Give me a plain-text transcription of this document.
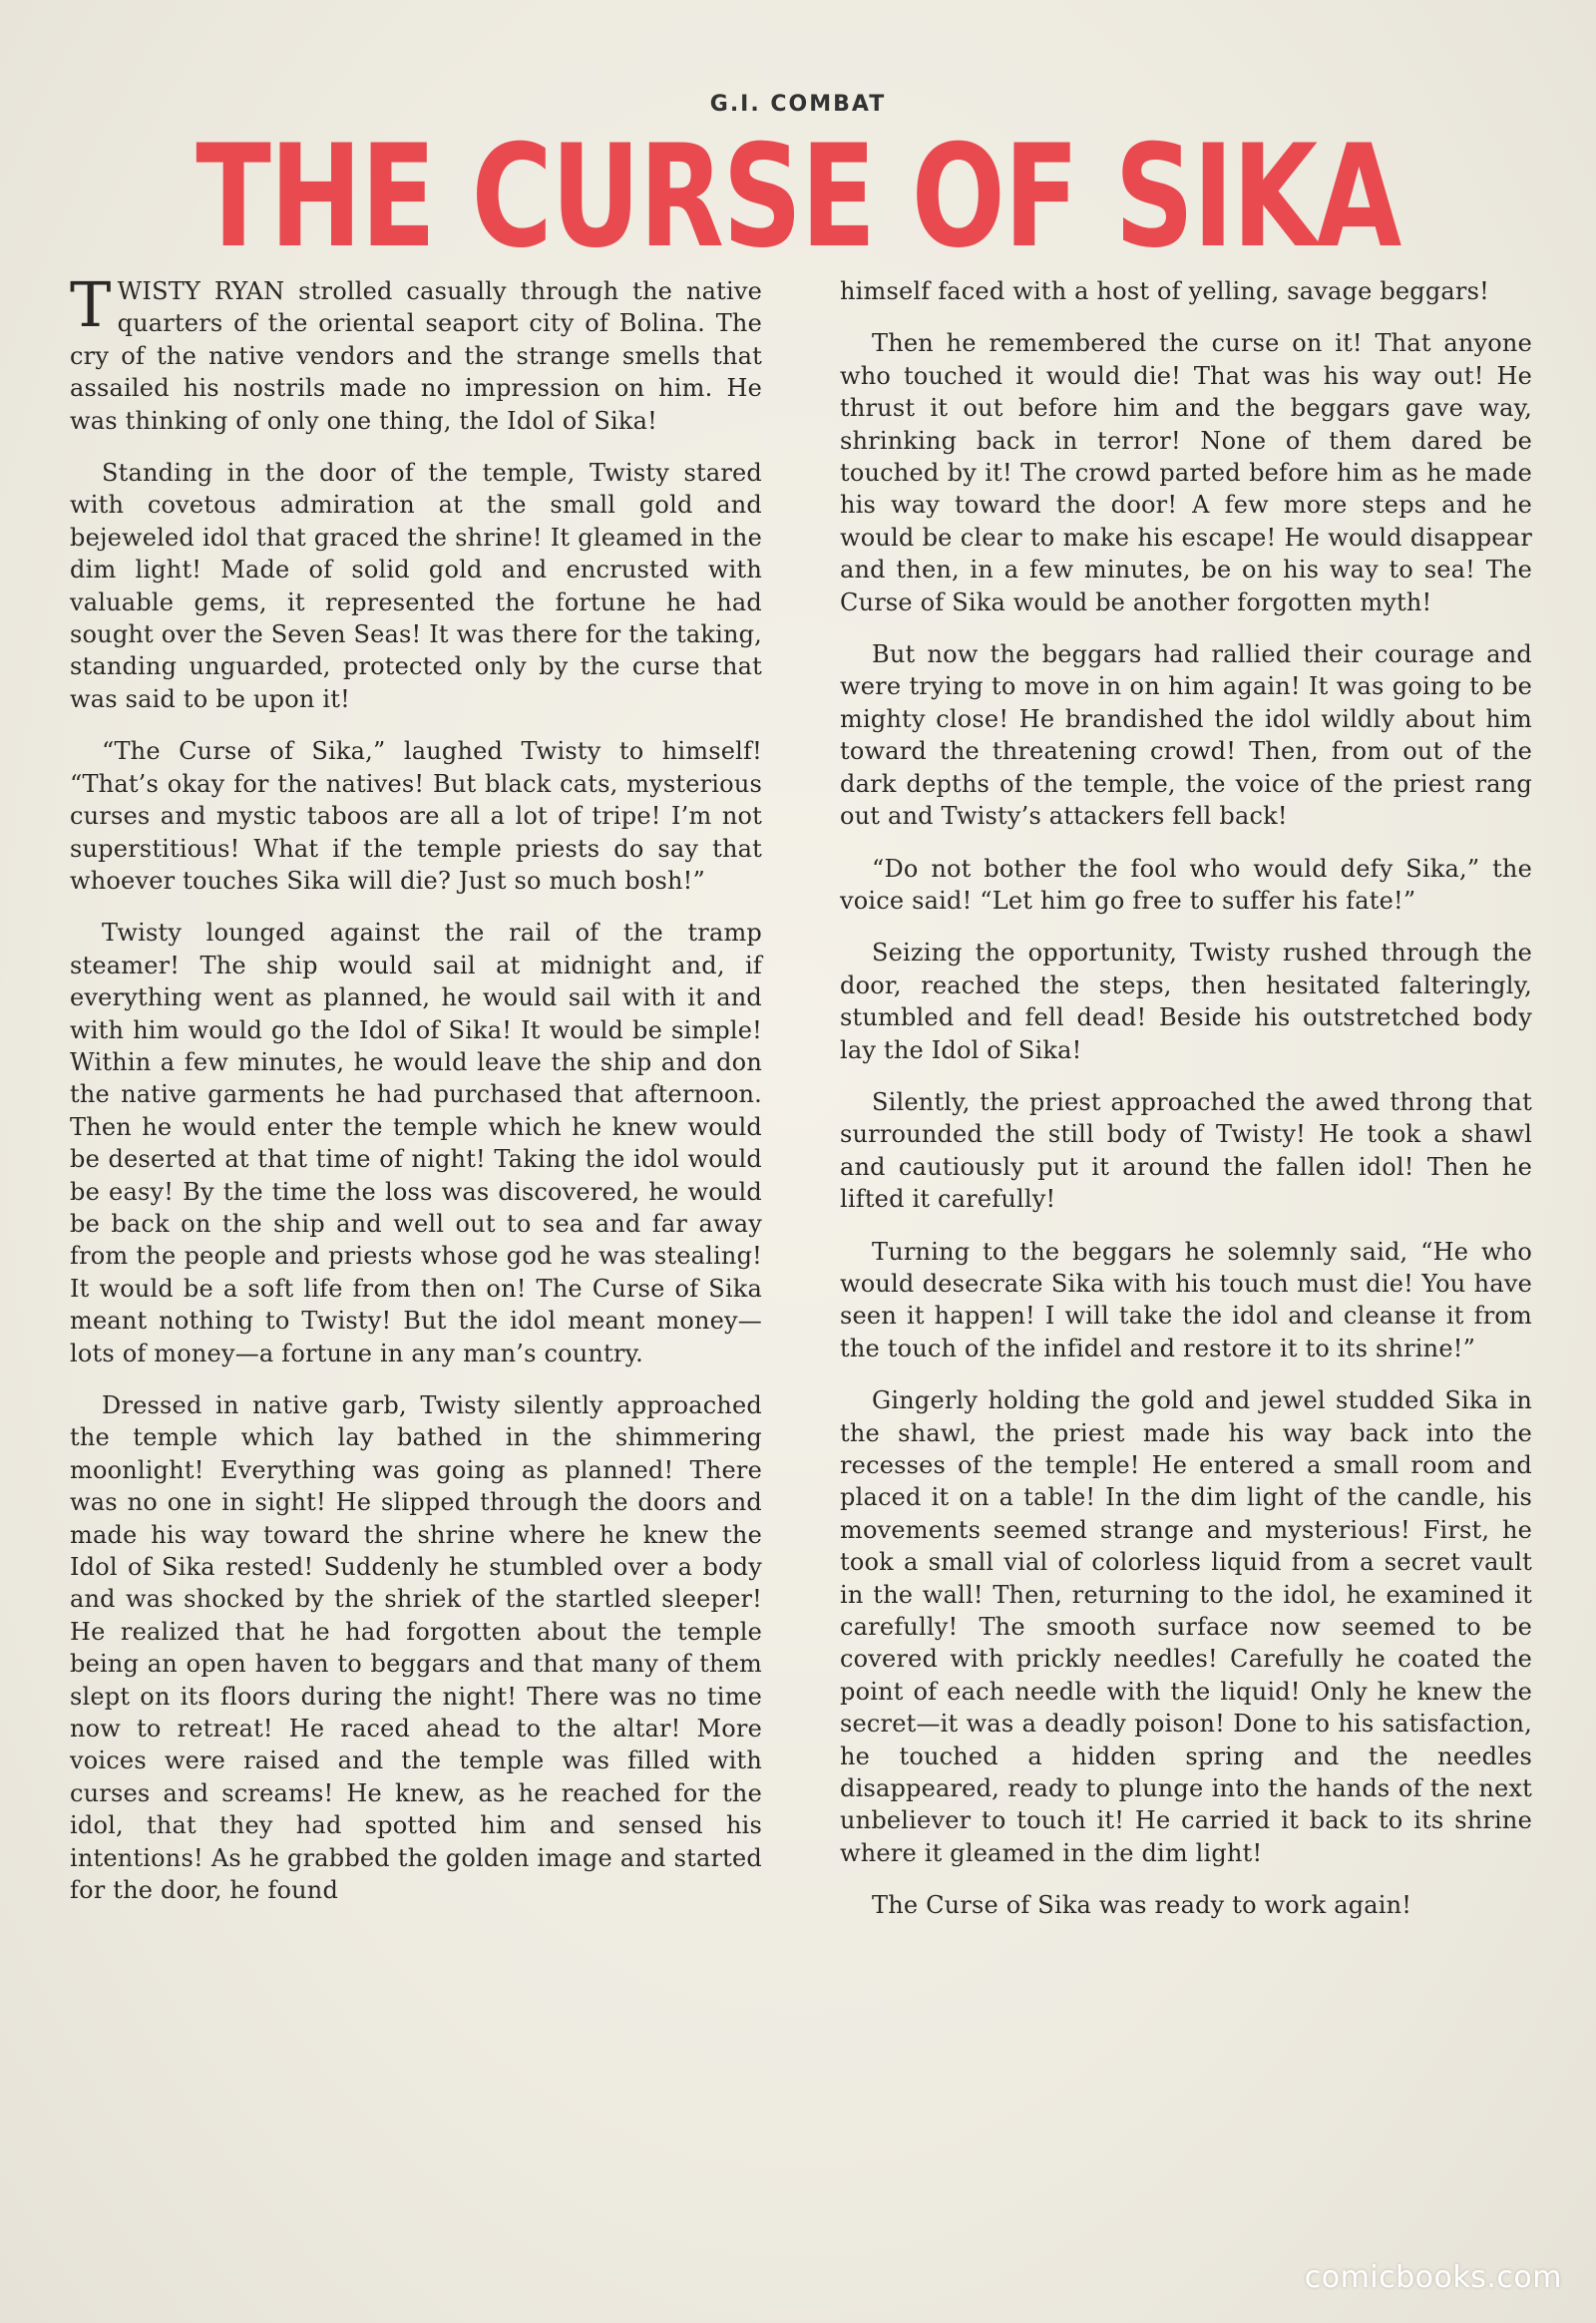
G.I. COMBAT
THE CURSE OF SIKA

TWISTY RYAN strolled casually through the native quarters of the oriental seaport city of Bolina. The cry of the native vendors and the strange smells that assailed his nostrils made no impression on him. He was thinking of only one thing, the Idol of Sika!

Standing in the door of the temple, Twisty stared with covetous admiration at the small gold and bejeweled idol that graced the shrine! It gleamed in the dim light! Made of solid gold and encrusted with valuable gems, it represented the fortune he had sought over the Seven Seas! It was there for the taking, standing unguarded, protected only by the curse that was said to be upon it!

“The Curse of Sika,” laughed Twisty to himself! “That’s okay for the natives! But black cats, mysterious curses and mystic taboos are all a lot of tripe! I’m not superstitious! What if the temple priests do say that whoever touches Sika will die? Just so much bosh!”

Twisty lounged against the rail of the tramp steamer! The ship would sail at midnight and, if everything went as planned, he would sail with it and with him would go the Idol of Sika! It would be simple! Within a few minutes, he would leave the ship and don the native garments he had purchased that afternoon. Then he would enter the temple which he knew would be deserted at that time of night! Taking the idol would be easy! By the time the loss was discovered, he would be back on the ship and well out to sea and far away from the people and priests whose god he was stealing! It would be a soft life from then on! The Curse of Sika meant nothing to Twisty! But the idol meant money—lots of money—a fortune in any man’s country.

Dressed in native garb, Twisty silently approached the temple which lay bathed in the shimmering moonlight! Everything was going as planned! There was no one in sight! He slipped through the doors and made his way toward the shrine where he knew the Idol of Sika rested! Suddenly he stumbled over a body and was shocked by the shriek of the startled sleeper! He realized that he had forgotten about the temple being an open haven to beggars and that many of them slept on its floors during the night! There was no time now to retreat! He raced ahead to the altar! More voices were raised and the temple was filled with curses and screams! He knew, as he reached for the idol, that they had spotted him and sensed his intentions! As he grabbed the golden image and started for the door, he found

himself faced with a host of yelling, savage beggars!

Then he remembered the curse on it! That anyone who touched it would die! That was his way out! He thrust it out before him and the beggars gave way, shrinking back in terror! None of them dared be touched by it! The crowd parted before him as he made his way toward the door! A few more steps and he would be clear to make his escape! He would disappear and then, in a few minutes, be on his way to sea! The Curse of Sika would be another forgotten myth!

But now the beggars had rallied their courage and were trying to move in on him again! It was going to be mighty close! He brandished the idol wildly about him toward the threatening crowd! Then, from out of the dark depths of the temple, the voice of the priest rang out and Twisty’s attackers fell back!

“Do not bother the fool who would defy Sika,” the voice said! “Let him go free to suffer his fate!”

Seizing the opportunity, Twisty rushed through the door, reached the steps, then hesitated falteringly, stumbled and fell dead! Beside his outstretched body lay the Idol of Sika!

Silently, the priest approached the awed throng that surrounded the still body of Twisty! He took a shawl and cautiously put it around the fallen idol! Then he lifted it carefully!

Turning to the beggars he solemnly said, “He who would desecrate Sika with his touch must die! You have seen it happen! I will take the idol and cleanse it from the touch of the infidel and restore it to its shrine!”

Gingerly holding the gold and jewel studded Sika in the shawl, the priest made his way back into the recesses of the temple! He entered a small room and placed it on a table! In the dim light of the candle, his movements seemed strange and mysterious! First, he took a small vial of colorless liquid from a secret vault in the wall! Then, returning to the idol, he examined it carefully! The smooth surface now seemed to be covered with prickly needles! Carefully he coated the point of each needle with the liquid! Only he knew the secret—it was a deadly poison! Done to his satisfaction, he touched a hidden spring and the needles disappeared, ready to plunge into the hands of the next unbeliever to touch it! He carried it back to its shrine where it gleamed in the dim light!

The Curse of Sika was ready to work again!

comicbooks.com
